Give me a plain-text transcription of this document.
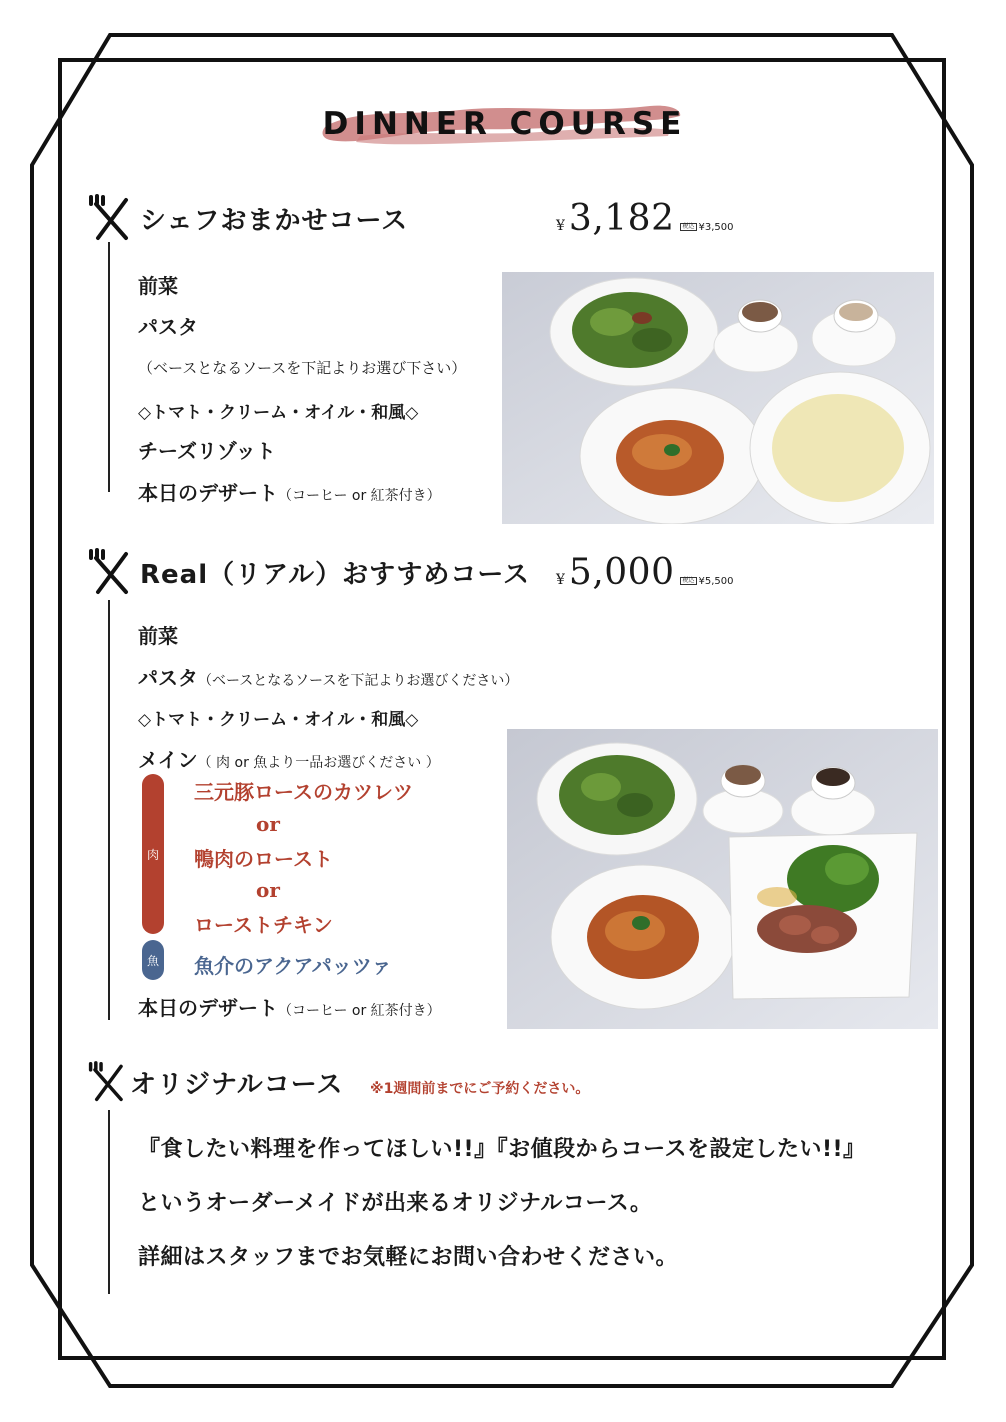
DINNER COURSE
シェフおまかせコース	¥ 3,182	税込 ¥3,500
前菜
パスタ
（ベースとなるソースを下記よりお選び下さい）
◇トマト・クリーム・オイル・和風◇
チーズリゾット
本日のデザート（コーヒー or 紅茶付き）
Real（リアル）おすすめコース ¥ 5,000	税込 ¥5,500
前菜
パスタ（ベースとなるソースを下記よりお選びください）
◇トマト・クリーム・オイル・和風◇
メイン（ 肉 or 魚より一品お選びください ）
肉
三元豚ロースのカツレツ
or
鴨肉のロースト
or
ローストチキン
魚 魚介のアクアパッツァ
本日のデザート（コーヒー or 紅茶付き）
オリジナルコース ※1週間前までにご予約ください。
『食したい料理を作ってほしい!!』『お値段からコースを設定したい!!』
というオーダーメイドが出来るオリジナルコース。
詳細はスタッフまでお気軽にお問い合わせください。
